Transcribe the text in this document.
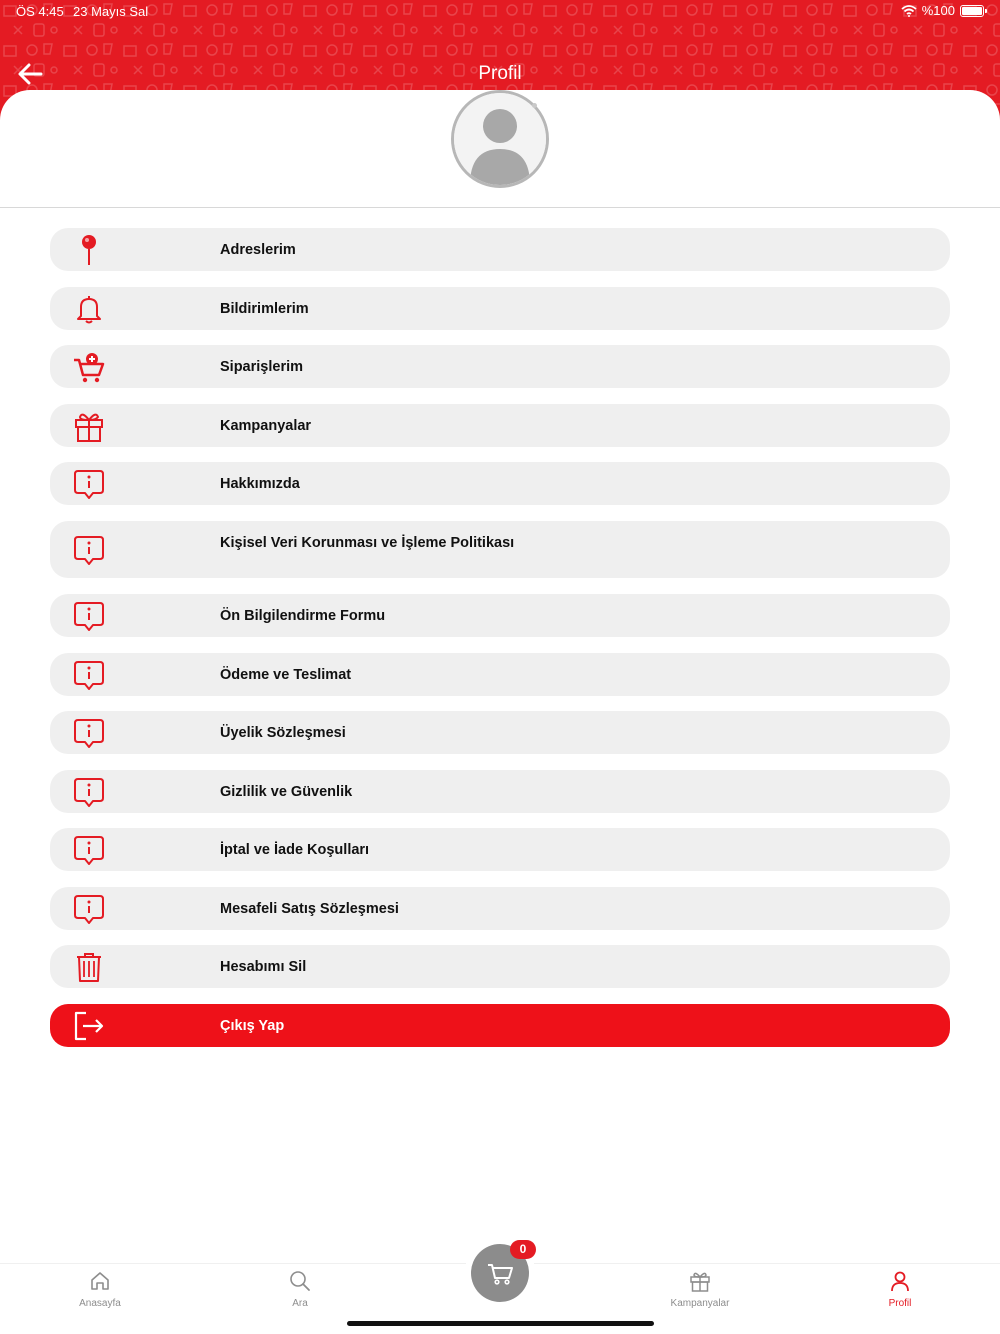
ÖS 4:45 23 Mayıs Sal	%100
Profil
Adreslerim
Bildirimlerim
Siparişlerim
Kampanyalar
Hakkımızda
Kişisel Veri Korunması ve İşleme Politikası
Ön Bilgilendirme Formu
Ödeme ve Teslimat
Üyelik Sözleşmesi
Gizlilik ve Güvenlik
İptal ve İade Koşulları
Mesafeli Satış Sözleşmesi
Hesabımı Sil
Çıkış Yap
Anasayfa	Ara	Kampanyalar	Profil
0
